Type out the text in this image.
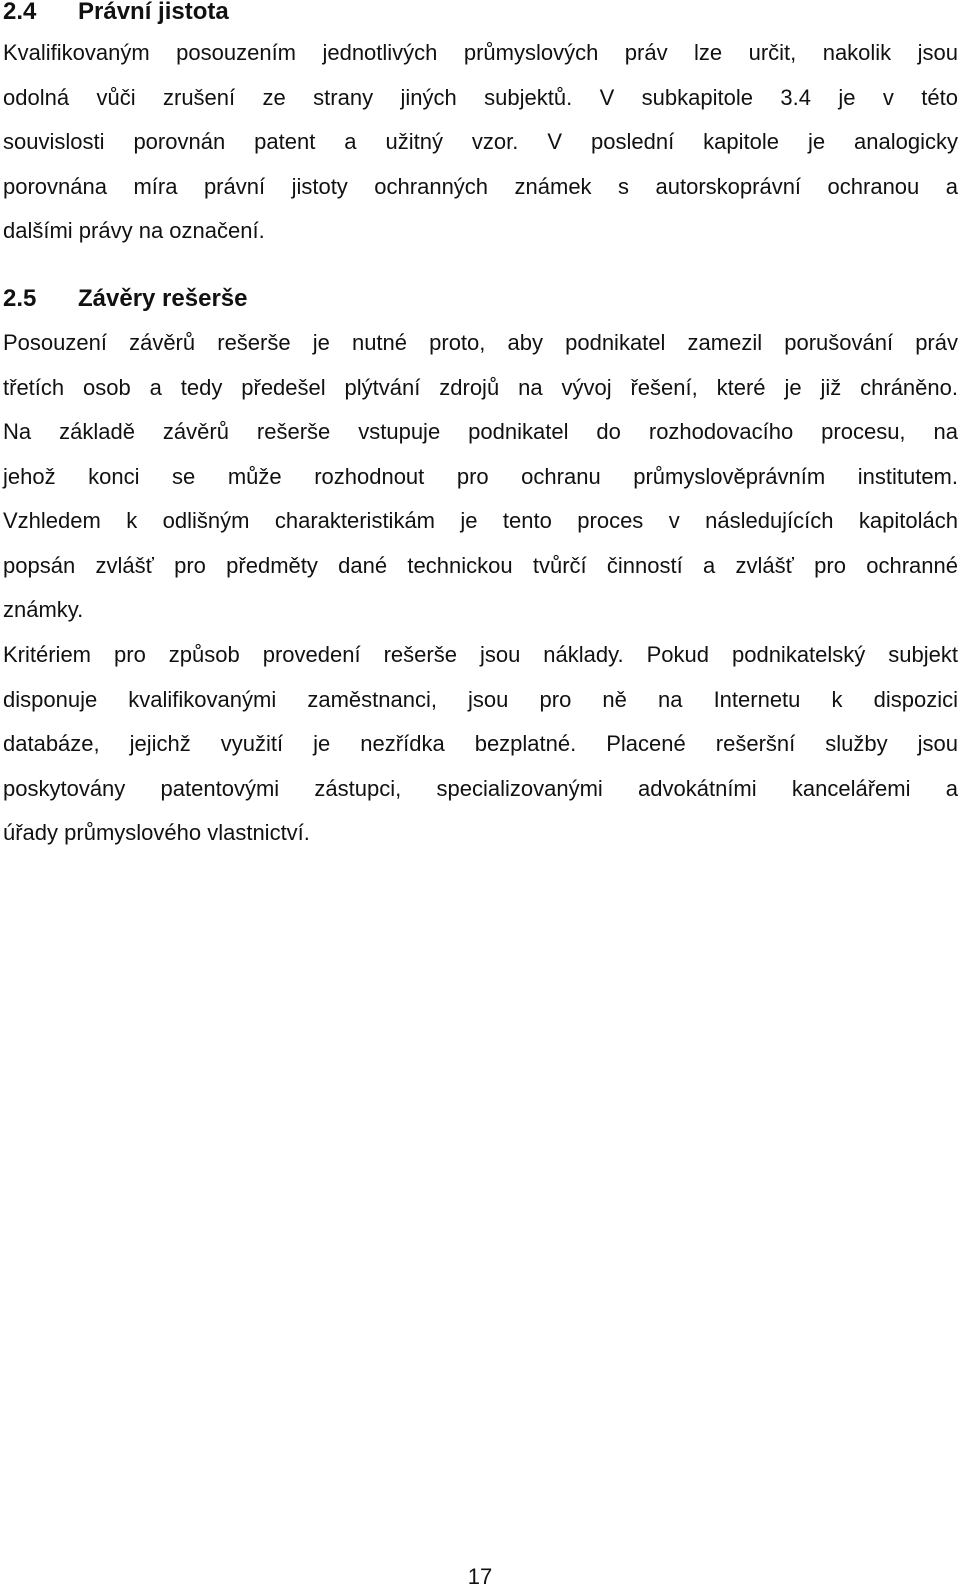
2.4 Právní jistota

Kvalifikovaným posouzením jednotlivých průmyslových práv lze určit, nakolik jsou
odolná vůči zrušení ze strany jiných subjektů. V subkapitole 3.4 je v této
souvislosti porovnán patent a užitný vzor. V poslední kapitole je analogicky
porovnána míra právní jistoty ochranných známek s autorskoprávní ochranou a
dalšími právy na označení.

2.5 Závěry rešerše

Posouzení závěrů rešerše je nutné proto, aby podnikatel zamezil porušování práv
třetích osob a tedy předešel plýtvání zdrojů na vývoj řešení, které je již chráněno.
Na základě závěrů rešerše vstupuje podnikatel do rozhodovacího procesu, na
jehož konci se může rozhodnout pro ochranu průmyslověprávním institutem.
Vzhledem k odlišným charakteristikám je tento proces v následujících kapitolách
popsán zvlášť pro předměty dané technickou tvůrčí činností a zvlášť pro ochranné
známky.

Kritériem pro způsob provedení rešerše jsou náklady. Pokud podnikatelský subjekt
disponuje kvalifikovanými zaměstnanci, jsou pro ně na Internetu k dispozici
databáze, jejichž využití je nezřídka bezplatné. Placené rešeršní služby jsou
poskytovány patentovými zástupci, specializovanými advokátními kancelářemi a
úřady průmyslového vlastnictví.

17
